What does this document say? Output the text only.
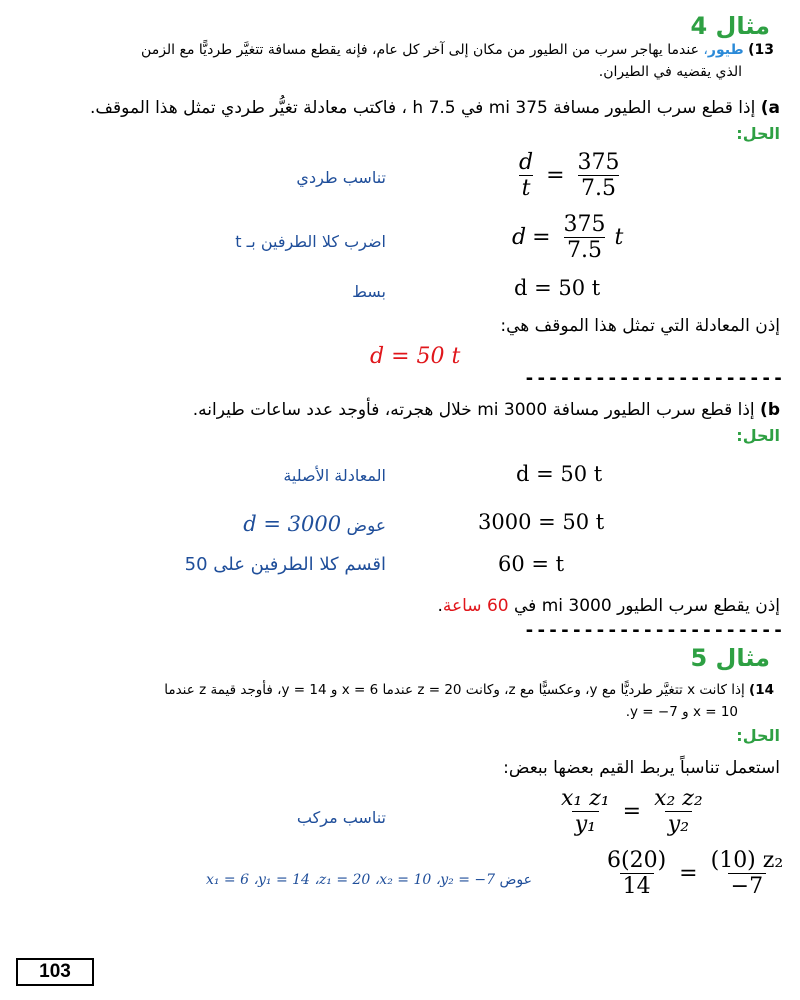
مثال 4
13) طيور، عندما يهاجر سرب من الطيور من مكان إلى آخر كل عام، فإنه يقطع مسافة تتغيَّر طرديًّا مع الزمن
الذي يقضيه في الطيران.
a) إذا قطع سرب الطيور مسافة 375 mi في 7.5 h ، فاكتب معادلة تغيُّر طردي تمثل هذا الموقف.
الحل:
تناسب طردي	$\frac{d}{t} = \frac{375}{7.5}$
اضرب كلا الطرفين بـ t	$d = \frac{375}{7.5}$ t
بسط	d = 50 t
إذن المعادلة التي تمثل هذا الموقف هي:
d = 50 t
----------------------
b) إذا قطع سرب الطيور مسافة 3000 mi خلال هجرته، فأوجد عدد ساعات طيرانه.
الحل:
المعادلة الأصلية	d = 50 t
عوض d = 3000	3000 = 50 t
اقسم كلا الطرفين على 50	60 = t
إذن يقطع سرب الطيور 3000 mi في 60 ساعة.
----------------------
مثال 5
14) إذا كانت x تتغيَّر طرديًّا مع y، وعكسيًّا مع z، وكانت z = 20 عندما x = 6 و y = 14، فأوجد قيمة z عندما
x = 10 و y = −7.
الحل:
استعمل تناسباً يربط القيم بعضها ببعض:
تناسب مركب	$\frac{\text{x₁ z₁}}{\text{y₁}} = \frac{\text{x₂ z₂}}{\text{y₂}}$
عوض x₁ = 6 ،y₁ = 14 ،z₁ = 20 ،x₂ = 10 ،y₂ = −7	$\frac{6(20)}{14} = \frac{\text{(10) z₂}}{-7}$
103
